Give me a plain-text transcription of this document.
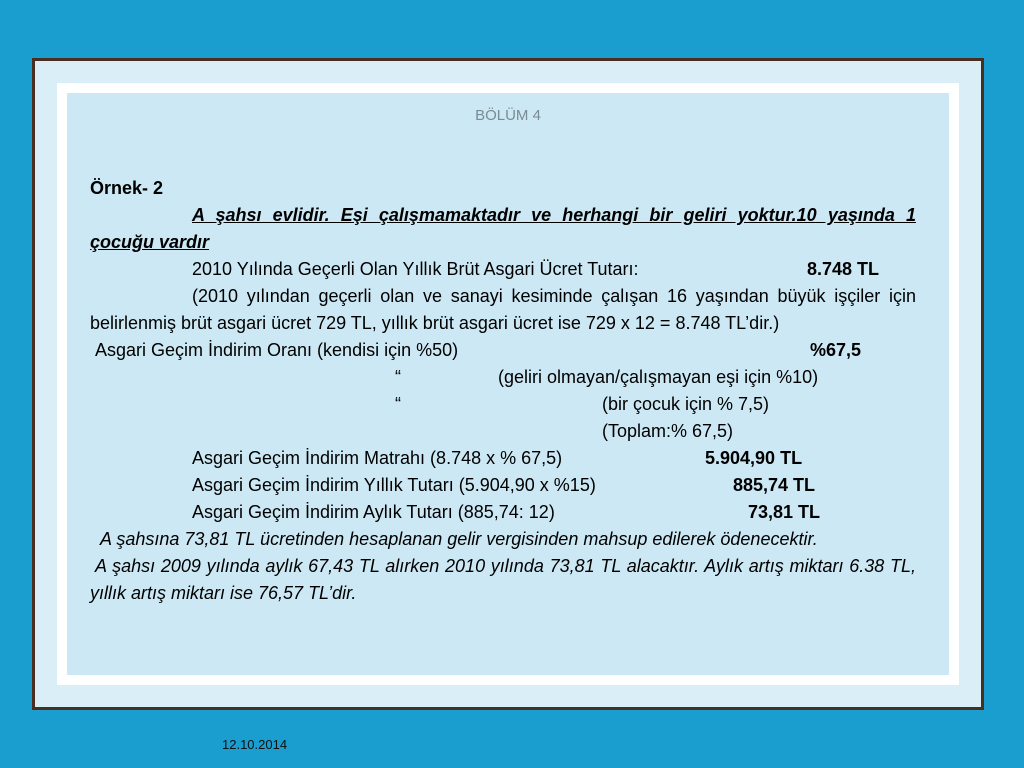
BÖLÜM 4
Örnek- 2
A şahsı evlidir. Eşi çalışmamaktadır ve herhangi bir geliri yoktur.10 yaşında 1 çocuğu vardır
2010 Yılında Geçerli Olan Yıllık Brüt Asgari Ücret Tutarı:	8.748 TL
(2010 yılından geçerli olan ve sanayi kesiminde çalışan 16 yaşından büyük işçiler için belirlenmiş brüt asgari ücret 729 TL, yıllık brüt asgari ücret ise 729 x 12 = 8.748 TL’dir.)
Asgari Geçim İndirim Oranı (kendisi için %50)	%67,5
“	(geliri olmayan/çalışmayan eşi için %10)
“	(bir çocuk için % 7,5)
(Toplam:% 67,5)
Asgari Geçim İndirim Matrahı (8.748 x % 67,5)	5.904,90 TL
Asgari Geçim İndirim Yıllık Tutarı (5.904,90 x %15)	885,74 TL
Asgari Geçim İndirim Aylık Tutarı (885,74: 12)	73,81 TL
A şahsına 73,81 TL ücretinden hesaplanan gelir vergisinden mahsup edilerek ödenecektir.
A şahsı 2009 yılında aylık 67,43 TL alırken 2010 yılında 73,81 TL alacaktır. Aylık artış miktarı 6.38 TL, yıllık artış miktarı ise 76,57 TL’dir.
12.10.2014
